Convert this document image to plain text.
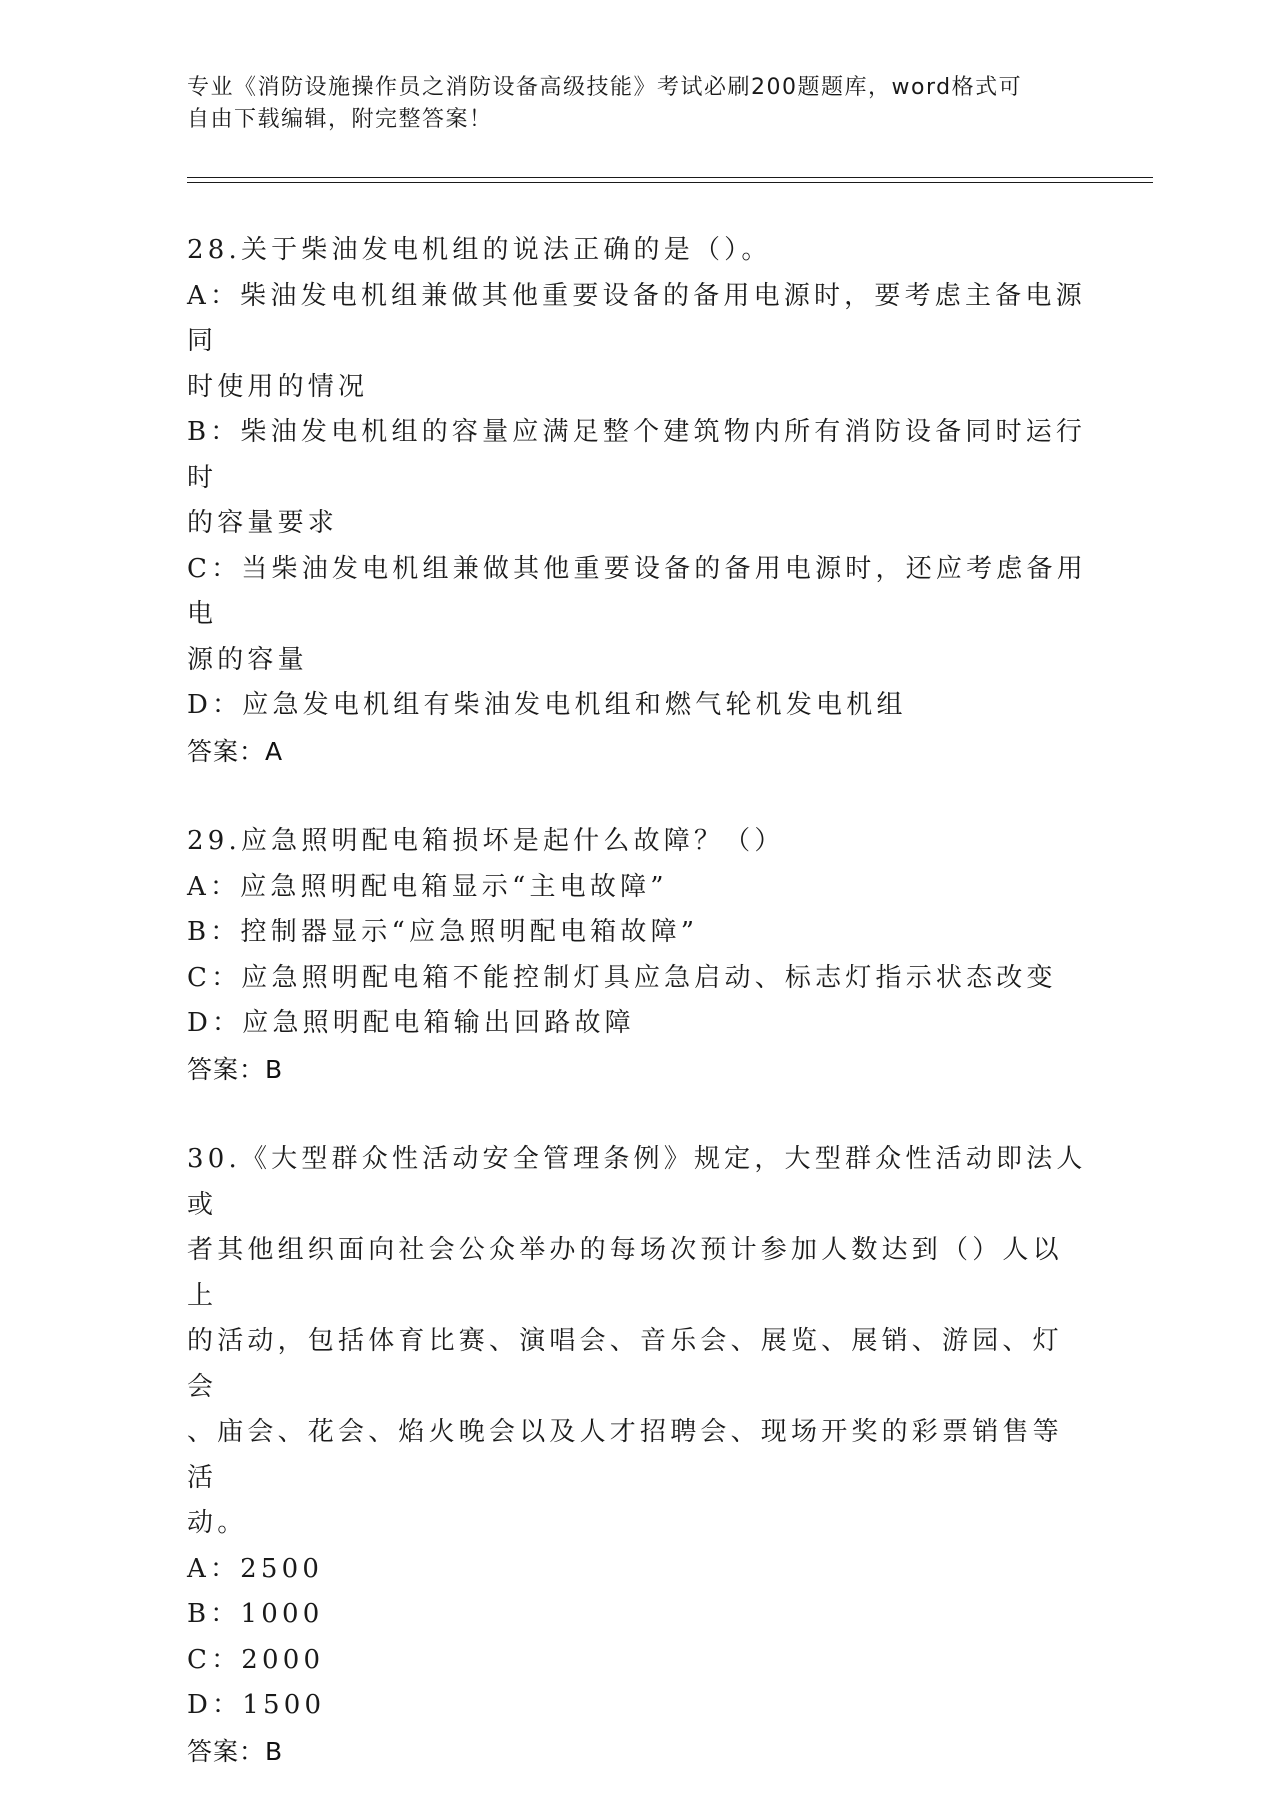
专业《消防设施操作员之消防设备高级技能》考试必刷200题题库，word格式可
自由下载编辑，附完整答案！
28.关于柴油发电机组的说法正确的是（）。
A：柴油发电机组兼做其他重要设备的备用电源时，要考虑主备电源同
时使用的情况
B：柴油发电机组的容量应满足整个建筑物内所有消防设备同时运行时
的容量要求
C：当柴油发电机组兼做其他重要设备的备用电源时，还应考虑备用电
源的容量
D：应急发电机组有柴油发电机组和燃气轮机发电机组
答案：A
29.应急照明配电箱损坏是起什么故障？（）
A：应急照明配电箱显示“主电故障”
B：控制器显示“应急照明配电箱故障”
C：应急照明配电箱不能控制灯具应急启动、标志灯指示状态改变
D：应急照明配电箱输出回路故障
答案：B
30.《大型群众性活动安全管理条例》规定，大型群众性活动即法人或
者其他组织面向社会公众举办的每场次预计参加人数达到（）人以上
的活动，包括体育比赛、演唱会、音乐会、展览、展销、游园、灯会
、庙会、花会、焰火晚会以及人才招聘会、现场开奖的彩票销售等活
动。
A：2500
B：1000
C：2000
D：1500
答案：B
